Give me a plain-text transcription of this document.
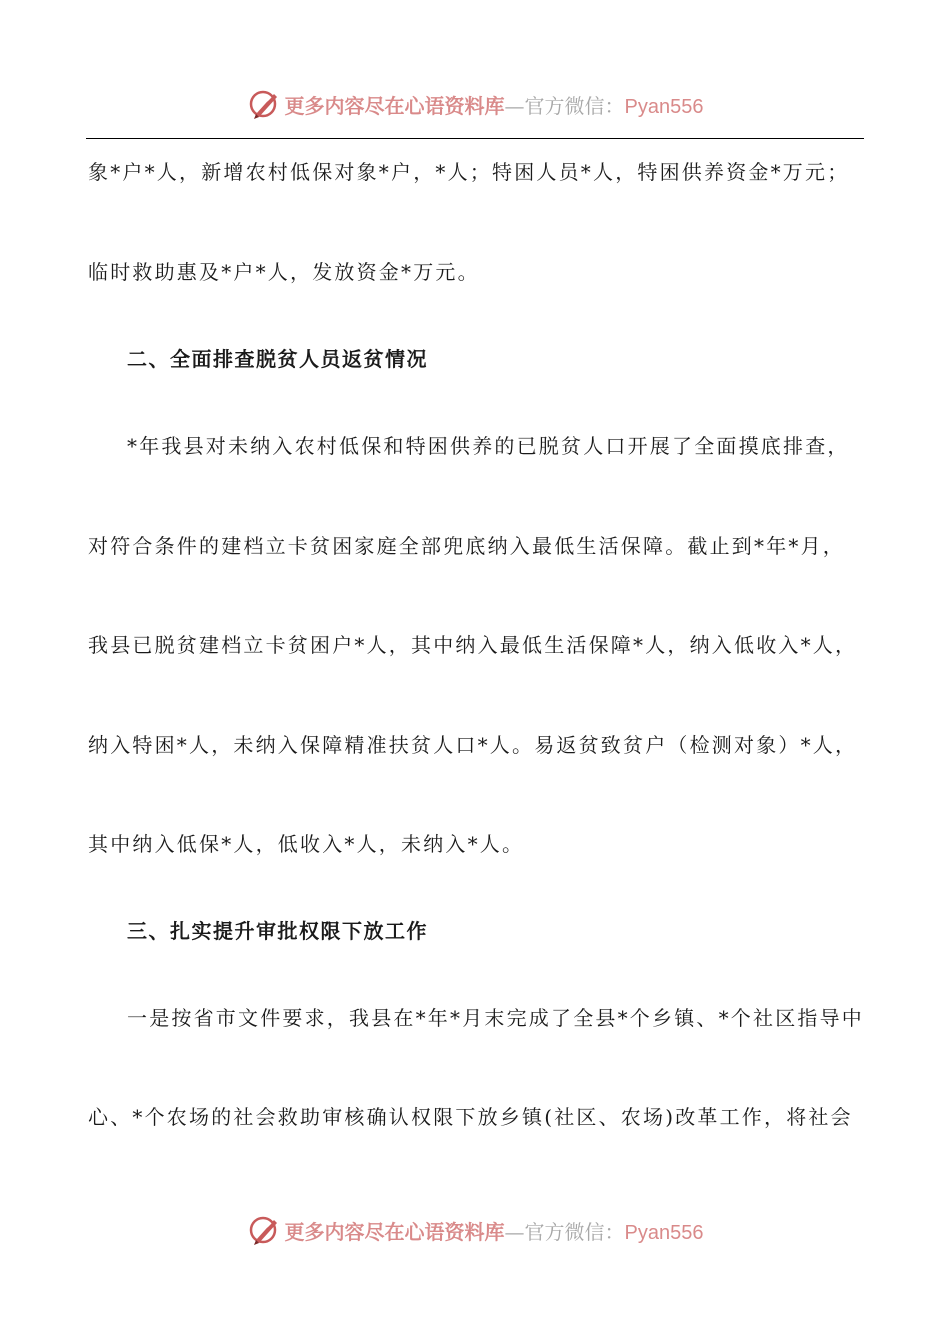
更多内容尽在心语资料库—官方微信：Pyan556
象*户*人，新增农村低保对象*户，*人；特困人员*人，特困供养资金*万元；
临时救助惠及*户*人，发放资金*万元。
二、全面排查脱贫人员返贫情况
*年我县对未纳入农村低保和特困供养的已脱贫人口开展了全面摸底排查，
对符合条件的建档立卡贫困家庭全部兜底纳入最低生活保障。截止到*年*月，
我县已脱贫建档立卡贫困户*人，其中纳入最低生活保障*人，纳入低收入*人，
纳入特困*人，未纳入保障精准扶贫人口*人。易返贫致贫户（检测对象）*人，
其中纳入低保*人，低收入*人，未纳入*人。
三、扎实提升审批权限下放工作
一是按省市文件要求，我县在*年*月末完成了全县*个乡镇、*个社区指导中
心、*个农场的社会救助审核确认权限下放乡镇(社区、农场)改革工作，将社会
更多内容尽在心语资料库—官方微信：Pyan556
